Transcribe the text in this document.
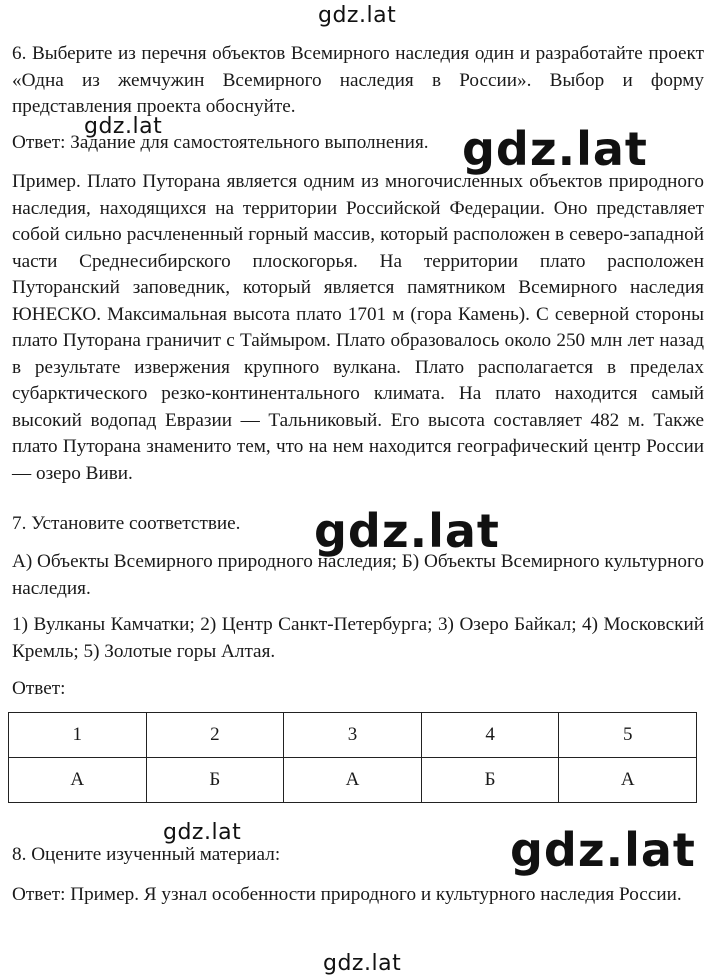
gdz.lat

6. Выберите из перечня объектов Всемирного наследия один и разработайте проект «Одна из жемчужин Всемирного наследия в России». Выбор и форму представления проекта обоснуйте.

Ответ: Задание для самостоятельного выполнения.

gdz.lat	gdz.lat

Пример. Плато Путорана является одним из многочисленных объектов природного наследия, находящихся на территории Российской Федерации. Оно представляет собой сильно расчлененный горный массив, который расположен в северо-западной части Среднесибирского плоскогорья. На территории плато расположен Путоранский заповедник, который является памятником Всемирного наследия ЮНЕСКО. Максимальная высота плато 1701 м (гора Камень). С северной стороны плато Путорана граничит с Таймыром. Плато образовалось около 250 млн лет назад в результате извержения крупного вулкана. Плато располагается в пределах субарктического резко-континентального климата. На плато находится самый высокий водопад Евразии — Тальниковый. Его высота составляет 482 м. Также плато Путорана знаменито тем, что на нем находится географический центр России — озеро Виви.

7. Установите соответствие.	gdz.lat

А) Объекты Всемирного природного наследия; Б) Объекты Всемирного культурного наследия.

1) Вулканы Камчатки; 2) Центр Санкт-Петербурга; 3) Озеро Байкал; 4) Московский Кремль; 5) Золотые горы Алтая.

Ответ:

1	2	3	4	5
А	Б	А	Б	А
gdz.lat

8. Оцените изученный материал:	gdz.lat

Ответ: Пример. Я узнал особенности природного и культурного наследия России.

gdz.lat
